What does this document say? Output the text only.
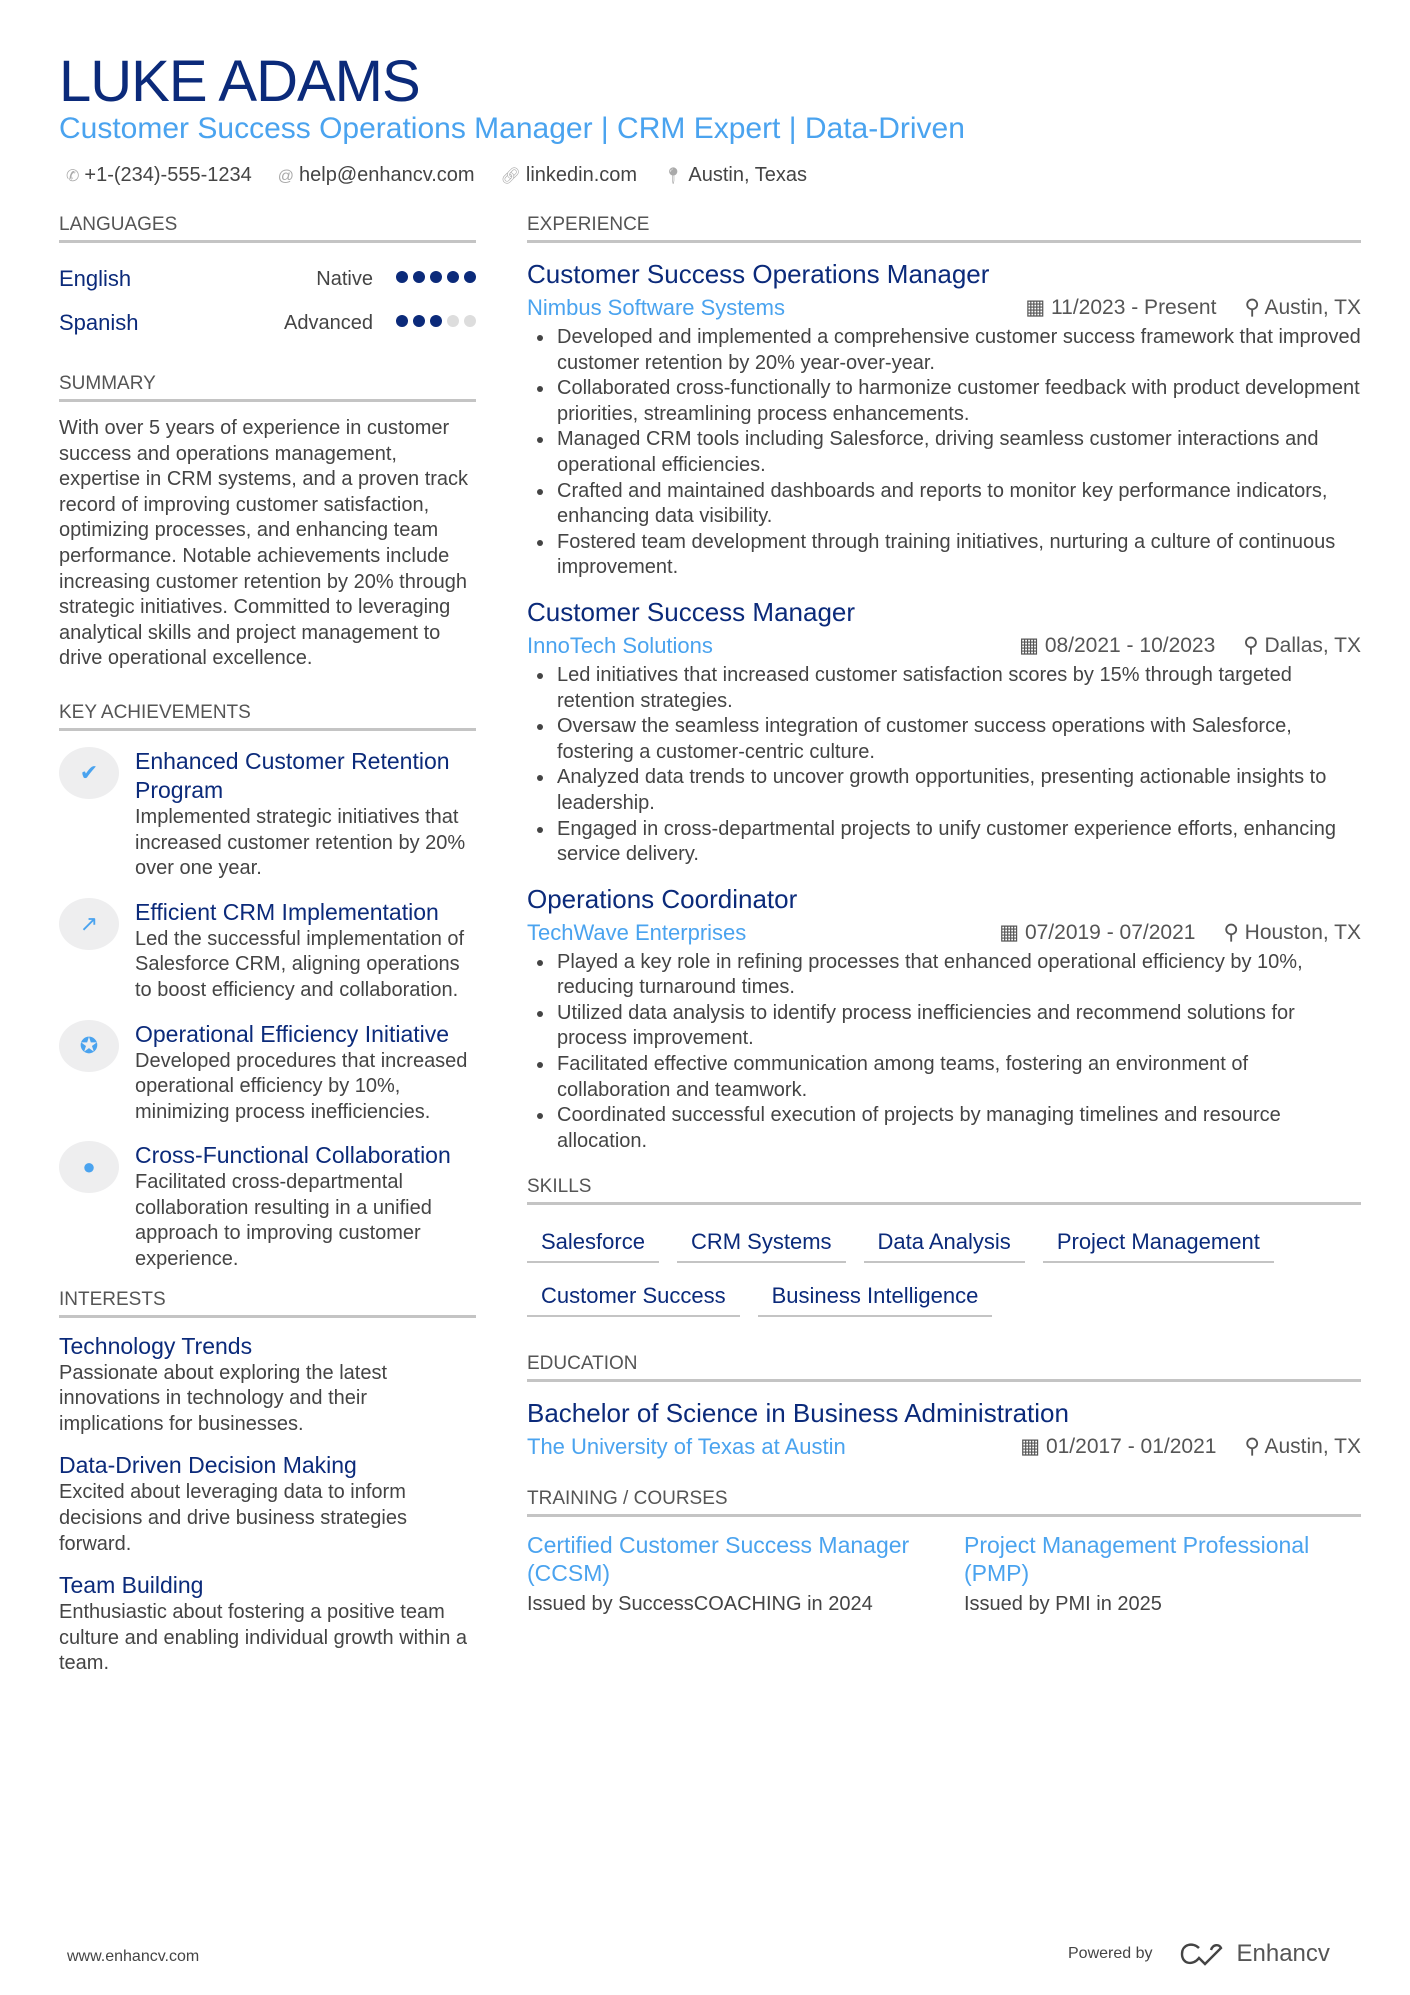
LUKE ADAMS
Customer Success Operations Manager | CRM Expert | Data-Driven
✆ +1-(234)-555-1234 @ help@enhancv.com 🔗︎ linkedin.com 📍︎ Austin, Texas
LANGUAGES
English	Native
Spanish	Advanced
SUMMARY

With over 5 years of experience in customer success and operations management, expertise in CRM systems, and a proven track record of improving customer satisfaction, optimizing processes, and enhancing team performance. Notable achievements include increasing customer retention by 20% through strategic initiatives. Committed to leveraging analytical skills and project management to drive operational excellence.

KEY ACHIEVEMENTS
✔	Enhanced Customer Retention Program

Implemented strategic initiatives that increased customer retention by 20% over one year.

↗	Efficient CRM Implementation

Led the successful implementation of Salesforce CRM, aligning operations to boost efficiency and collaboration.

✪	Operational Efficiency Initiative

Developed procedures that increased operational efficiency by 10%, minimizing process inefficiencies.

●	Cross-Functional Collaboration

Facilitated cross-departmental collaboration resulting in a unified approach to improving customer experience.

INTERESTS
Technology Trends

Passionate about exploring the latest innovations in technology and their implications for businesses.

Data-Driven Decision Making

Excited about leveraging data to inform decisions and drive business strategies forward.

Team Building

Enthusiastic about fostering a positive team culture and enabling individual growth within a team.

EXPERIENCE
Customer Success Operations Manager
Nimbus Software Systems	▦ 11/2023 - Present ⚲ Austin, TX
• Developed and implemented a comprehensive customer success framework that improved customer retention by 20% year-over-year.
• Collaborated cross-functionally to harmonize customer feedback with product development priorities, streamlining process enhancements.
• Managed CRM tools including Salesforce, driving seamless customer interactions and operational efficiencies.
• Crafted and maintained dashboards and reports to monitor key performance indicators, enhancing data visibility.
• Fostered team development through training initiatives, nurturing a culture of continuous improvement.
Customer Success Manager
InnoTech Solutions	▦ 08/2021 - 10/2023 ⚲ Dallas, TX
• Led initiatives that increased customer satisfaction scores by 15% through targeted retention strategies.
• Oversaw the seamless integration of customer success operations with Salesforce, fostering a customer-centric culture.
• Analyzed data trends to uncover growth opportunities, presenting actionable insights to leadership.
• Engaged in cross-departmental projects to unify customer experience efforts, enhancing service delivery.
Operations Coordinator
TechWave Enterprises	▦ 07/2019 - 07/2021 ⚲ Houston, TX
• Played a key role in refining processes that enhanced operational efficiency by 10%, reducing turnaround times.
• Utilized data analysis to identify process inefficiencies and recommend solutions for process improvement.
• Facilitated effective communication among teams, fostering an environment of collaboration and teamwork.
• Coordinated successful execution of projects by managing timelines and resource allocation.
SKILLS
Salesforce	CRM Systems	Data Analysis	Project Management
Customer Success	Business Intelligence
EDUCATION
Bachelor of Science in Business Administration
The University of Texas at Austin	▦ 01/2017 - 01/2021 ⚲ Austin, TX
TRAINING / COURSES
Certified Customer Success Manager (CCSM)

Issued by SuccessCOACHING in 2024

Project Management Professional (PMP)

Issued by PMI in 2025

www.enhancv.com	Powered by	Enhancv
